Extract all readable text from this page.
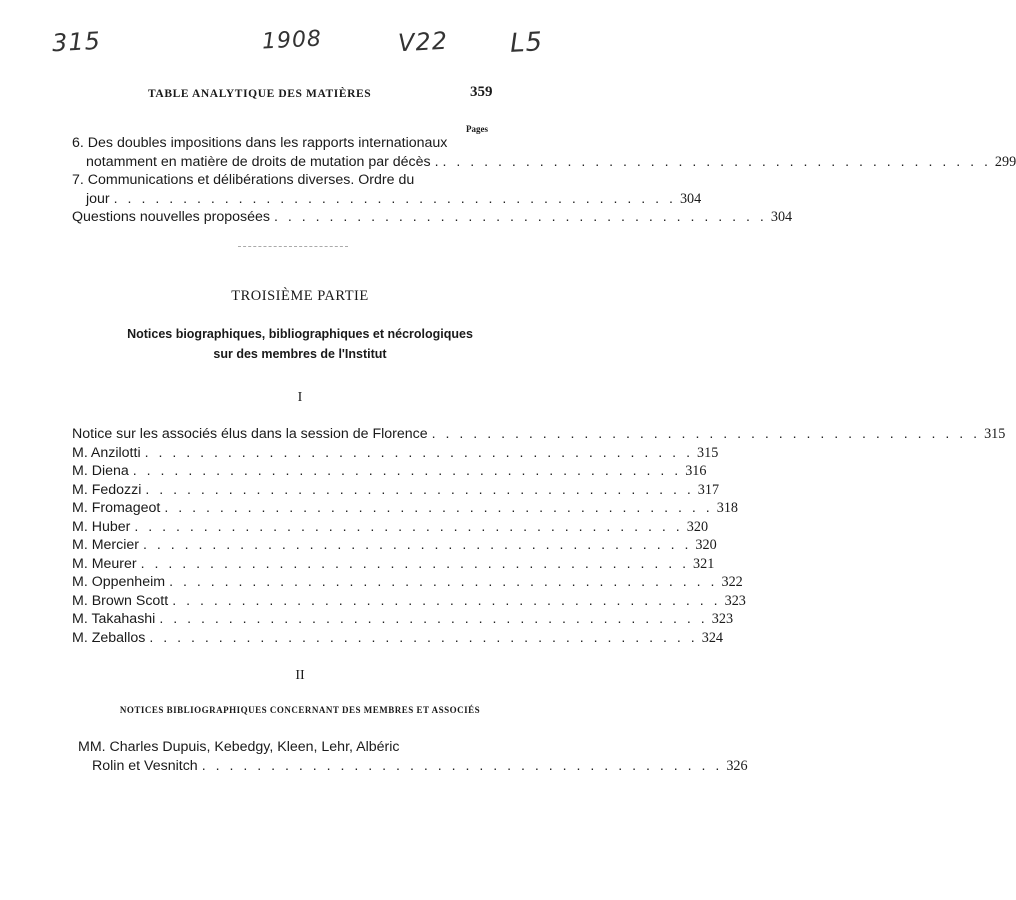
315	1908	V22 L5
TABLE ANALYTIQUE DES MATIÈRES	359
Pages
6. Des doubles impositions dans les rapports internationaux
notamment en matière de droits de mutation par décès . . . . . . . . . . . . . . . . . . . . . . . . . . . . . . . . . . . . . . . . . 299
7. Communications et délibérations diverses. Ordre du
jour . . . . . . . . . . . . . . . . . . . . . . . . . . . . . . . . . . . . . . . . . 304
Questions nouvelles proposées . . . . . . . . . . . . . . . . . . . . . . . . . . . . . . . . . . . . 304
TROISIÈME PARTIE
Notices biographiques, bibliographiques et nécrologiques
sur des membres de l'Institut
I
Notice sur les associés élus dans la session de Florence . . . . . . . . . . . . . . . . . . . . . . . . . . . . . . . . . . . . . . . . 315
M. Anzilotti . . . . . . . . . . . . . . . . . . . . . . . . . . . . . . . . . . . . . . . . 315
M. Diena . . . . . . . . . . . . . . . . . . . . . . . . . . . . . . . . . . . . . . . . 316
M. Fedozzi . . . . . . . . . . . . . . . . . . . . . . . . . . . . . . . . . . . . . . . . 317
M. Fromageot . . . . . . . . . . . . . . . . . . . . . . . . . . . . . . . . . . . . . . . . 318
M. Huber . . . . . . . . . . . . . . . . . . . . . . . . . . . . . . . . . . . . . . . . 320
M. Mercier . . . . . . . . . . . . . . . . . . . . . . . . . . . . . . . . . . . . . . . . 320
M. Meurer . . . . . . . . . . . . . . . . . . . . . . . . . . . . . . . . . . . . . . . . 321
M. Oppenheim . . . . . . . . . . . . . . . . . . . . . . . . . . . . . . . . . . . . . . . . 322
M. Brown Scott . . . . . . . . . . . . . . . . . . . . . . . . . . . . . . . . . . . . . . . . 323
M. Takahashi . . . . . . . . . . . . . . . . . . . . . . . . . . . . . . . . . . . . . . . . 323
M. Zeballos . . . . . . . . . . . . . . . . . . . . . . . . . . . . . . . . . . . . . . . . 324
II
NOTICES BIBLIOGRAPHIQUES CONCERNANT DES MEMBRES ET ASSOCIÉS
MM. Charles Dupuis, Kebedgy, Kleen, Lehr, Albéric
Rolin et Vesnitch . . . . . . . . . . . . . . . . . . . . . . . . . . . . . . . . . . . . . . 326
